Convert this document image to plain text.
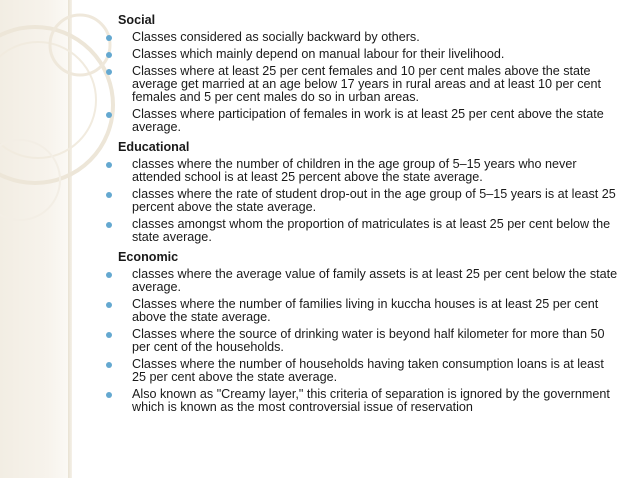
Social
Classes considered as socially backward by others.
Classes which mainly depend on manual labour for their livelihood.
Classes where at least 25 per cent females and 10 per cent males above the state average get married at an age below 17 years in rural areas and at least 10 per cent females and 5 per cent males do so in urban areas.
Classes where participation of females in work is at least 25 per cent above the state average.
Educational
classes where the number of children in the age group of 5–15 years who never attended school is at least 25 percent above the state average.
classes where the rate of student drop-out in the age group of 5–15 years is at least 25 percent above the state average.
classes amongst whom the proportion of matriculates is at least 25 per cent below the state average.
Economic
classes where the average value of family assets is at least 25 per cent below the state average.
Classes where the number of families living in kuccha houses is at least 25 per cent above the state average.
Classes where the source of drinking water is beyond half kilometer for more than 50 per cent of the households.
Classes where the number of households having taken consumption loans is at least 25 per cent above the state average.
Also known as "Creamy layer," this criteria of separation is ignored by the government which is known as the most controversial issue of reservation
